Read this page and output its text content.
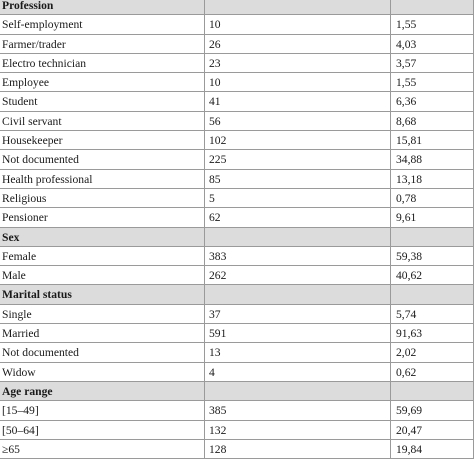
Profession
Self-employment	10	1,55
Farmer/trader	26	4,03
Electro technician	23	3,57
Employee	10	1,55
Student	41	6,36
Civil servant	56	8,68
Housekeeper	102	15,81
Not documented	225	34,88
Health professional	85	13,18
Religious	5	0,78
Pensioner	62	9,61
Sex
Female	383	59,38
Male	262	40,62
Marital status
Single	37	5,74
Married	591	91,63
Not documented	13	2,02
Widow	4	0,62
Age range
[15–49]	385	59,69
[50–64]	132	20,47
≥65	128	19,84
